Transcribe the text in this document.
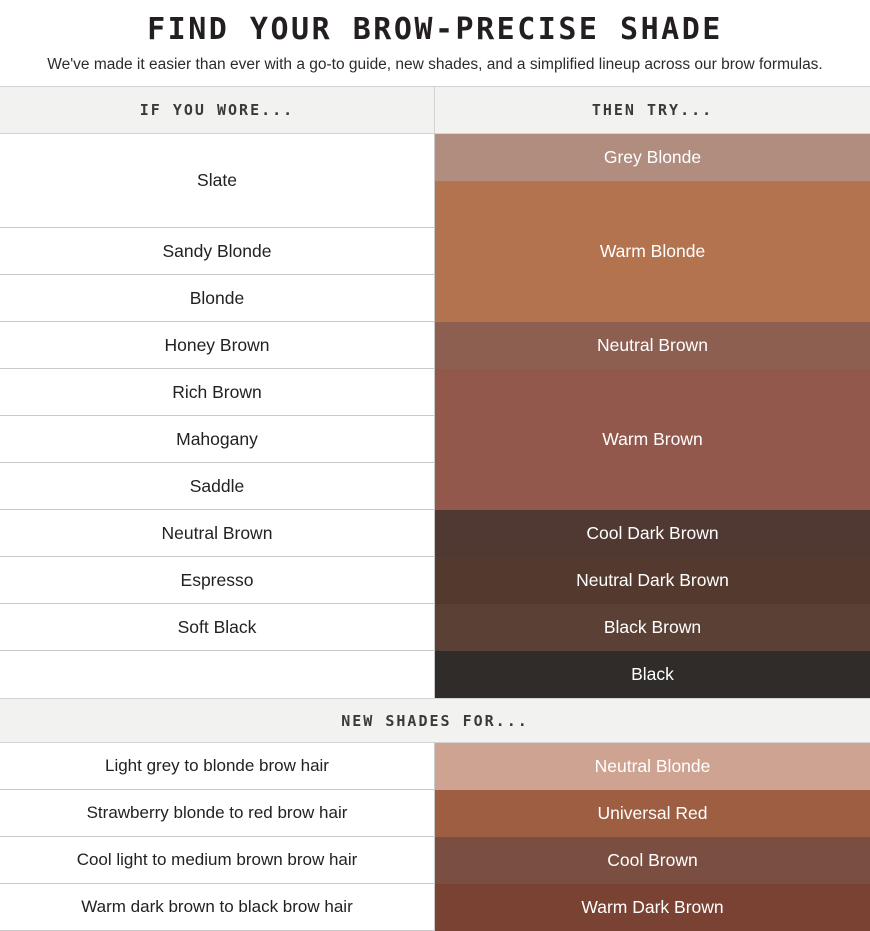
FIND YOUR BROW-PRECISE SHADE
We've made it easier than ever with a go-to guide, new shades, and a simplified lineup across our brow formulas.
IF YOU WORE...	THEN TRY...
Slate
Sandy Blonde
Blonde
Honey Brown
Rich Brown
Mahogany
Saddle
Neutral Brown
Espresso
Soft Black
Grey Blonde
Warm Blonde
Neutral Brown
Warm Brown
Cool Dark Brown
Neutral Dark Brown
Black Brown
Black
NEW SHADES FOR...
Light grey to blonde brow hair
Strawberry blonde to red brow hair
Cool light to medium brown brow hair
Warm dark brown to black brow hair
Neutral Blonde
Universal Red
Cool Brown
Warm Dark Brown
